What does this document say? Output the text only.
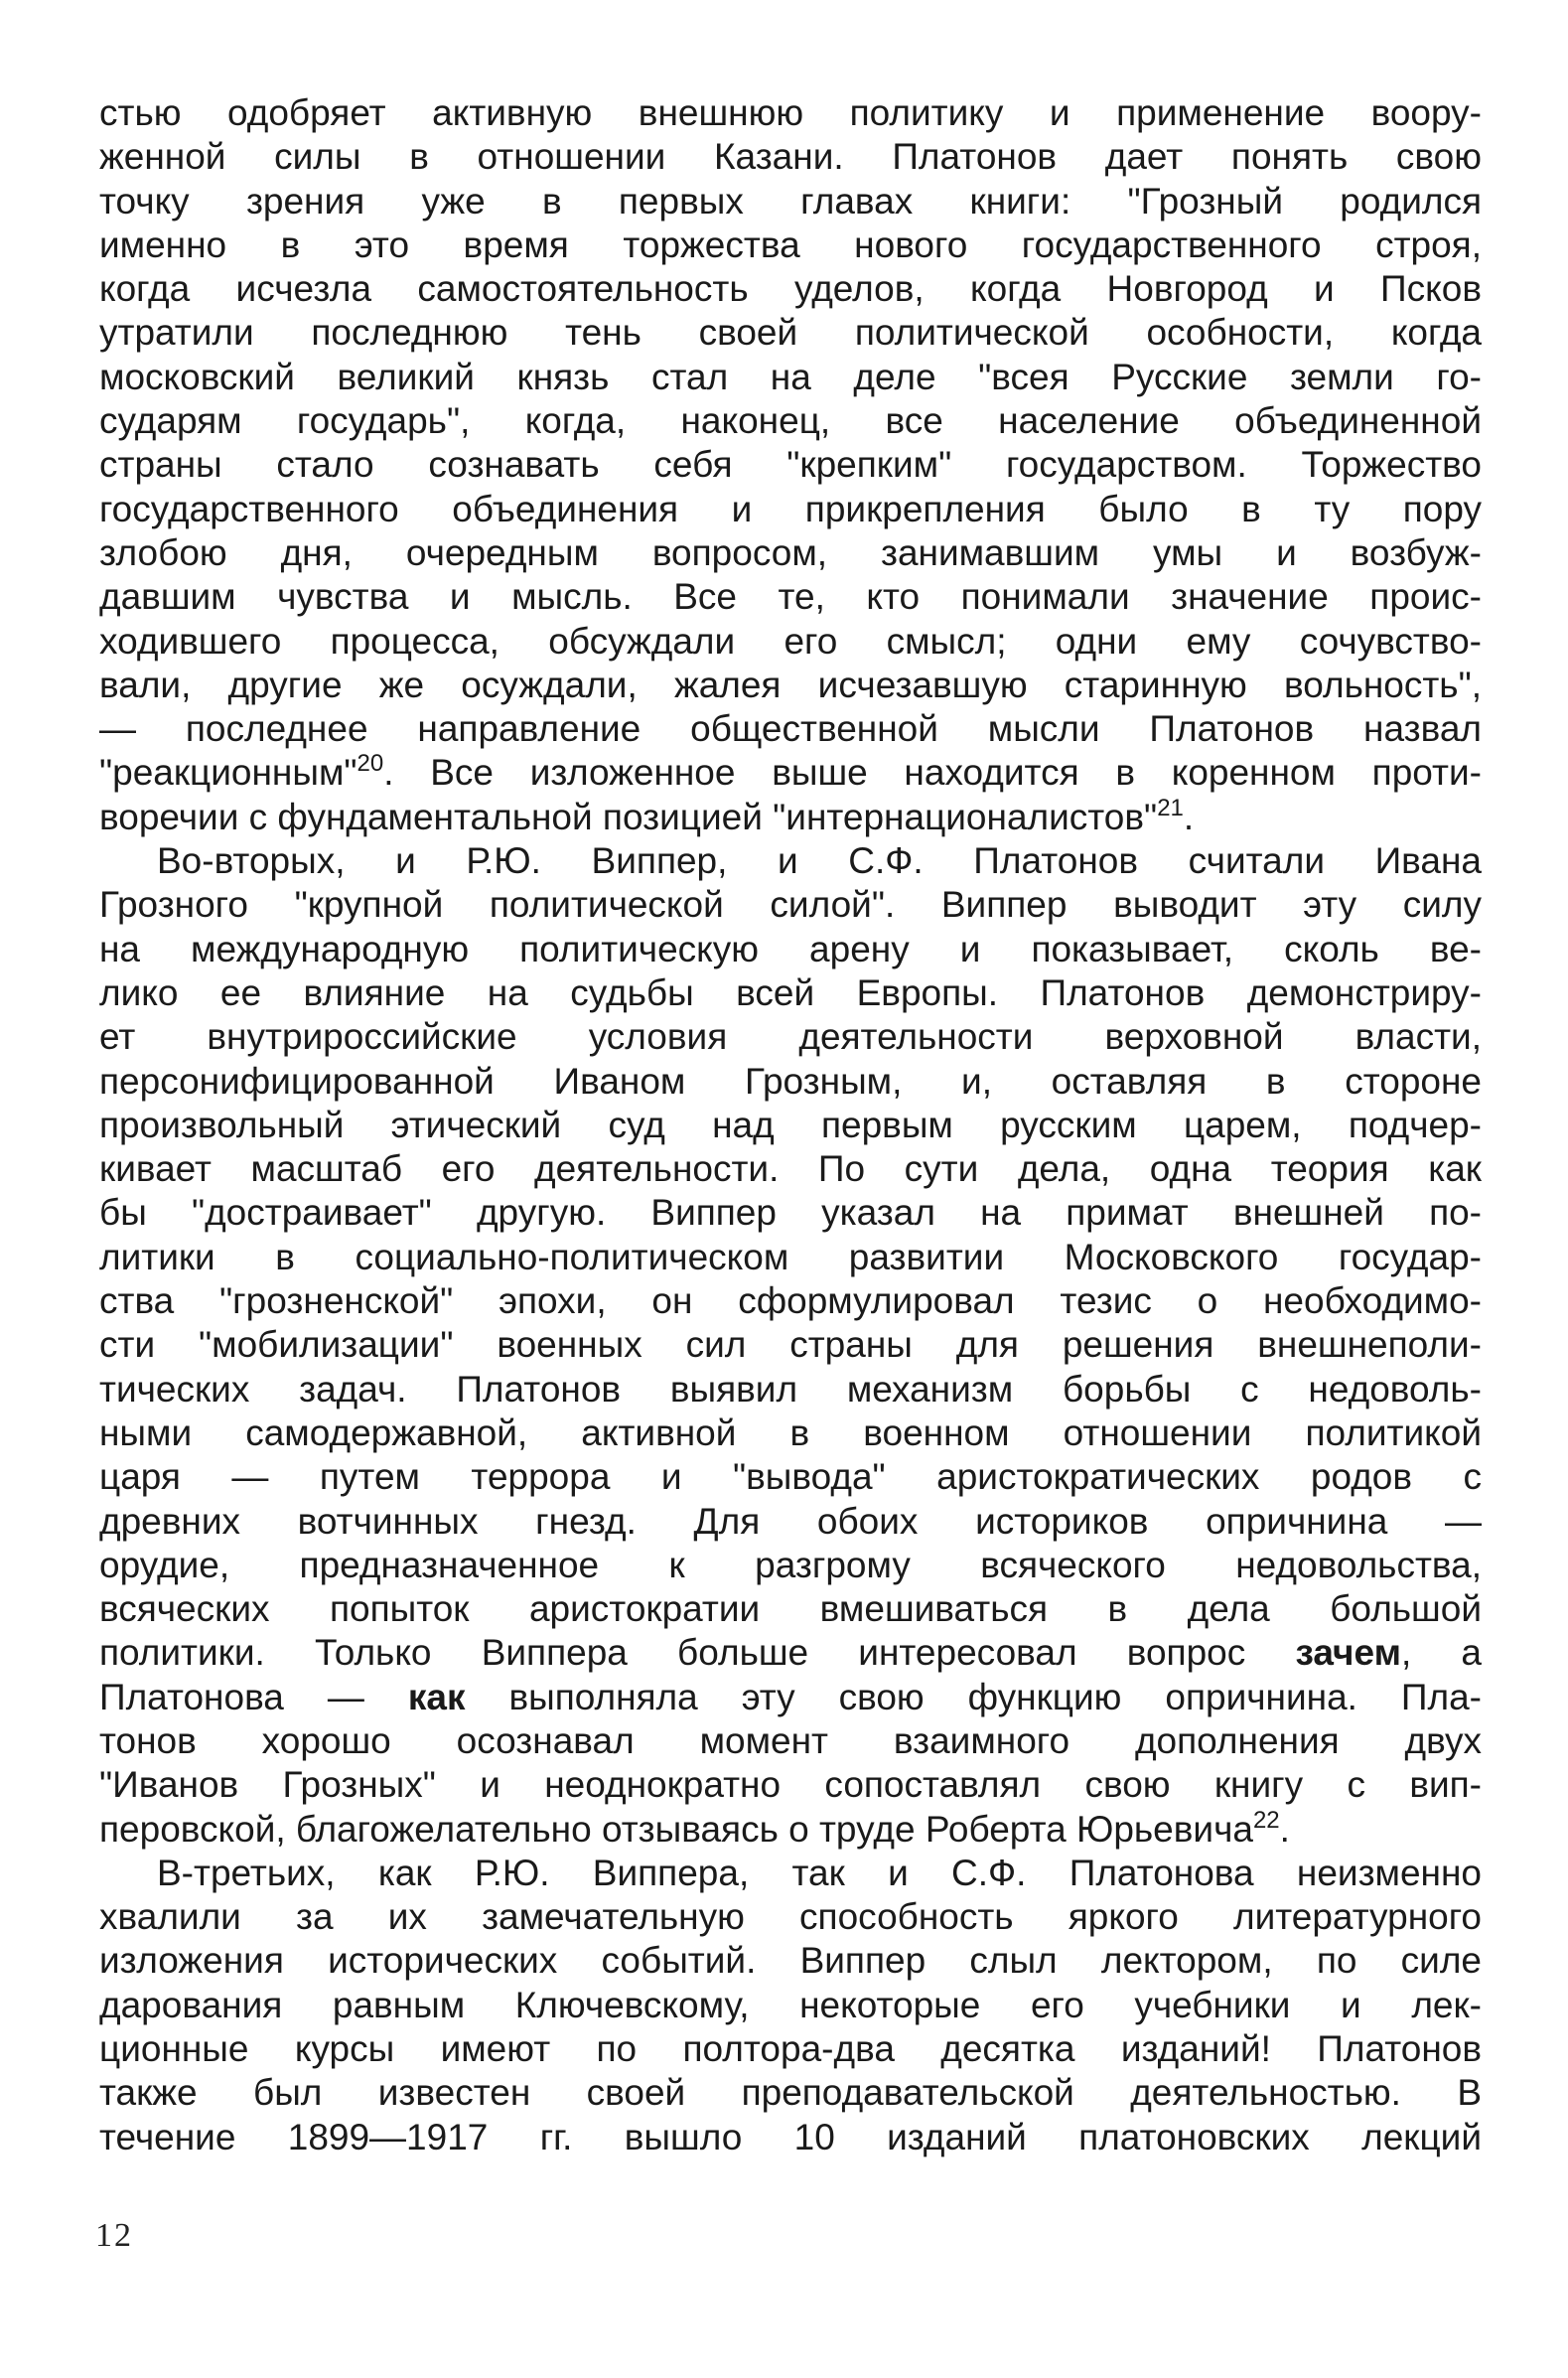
стью одобряет активную внешнюю политику и применение воору-
женной силы в отношении Казани. Платонов дает понять свою
точку зрения уже в первых главах книги: "Грозный родился
именно в это время торжества нового государственного строя,
когда исчезла самостоятельность уделов, когда Новгород и Псков
утратили последнюю тень своей политической особности, когда
московский великий князь стал на деле "всея Русские земли го-
сударям государь", когда, наконец, все население объединенной
страны стало сознавать себя "крепким" государством. Торжество
государственного объединения и прикрепления было в ту пору
злобою дня, очередным вопросом, занимавшим умы и возбуж-
давшим чувства и мысль. Все те, кто понимали значение проис-
ходившего процесса, обсуждали его смысл; одни ему сочувство-
вали, другие же осуждали, жалея исчезавшую старинную вольность",
— последнее направление общественной мысли Платонов назвал
"реакционным"$^{20}$. Все изложенное выше находится в коренном проти-
воречии с фундаментальной позицией "интернационалистов"$^{21}$.

Во-вторых, и Р.Ю. Виппер, и С.Ф. Платонов считали Ивана
Грозного "крупной политической силой". Виппер выводит эту силу
на международную политическую арену и показывает, сколь ве-
лико ее влияние на судьбы всей Европы. Платонов демонстриру-
ет внутрироссийские условия деятельности верховной власти,
персонифицированной Иваном Грозным, и, оставляя в стороне
произвольный этический суд над первым русским царем, подчер-
кивает масштаб его деятельности. По сути дела, одна теория как
бы "достраивает" другую. Виппер указал на примат внешней по-
литики в социально-политическом развитии Московского государ-
ства "грозненской" эпохи, он сформулировал тезис о необходимо-
сти "мобилизации" военных сил страны для решения внешнеполи-
тических задач. Платонов выявил механизм борьбы с недоволь-
ными самодержавной, активной в военном отношении политикой
царя — путем террора и "вывода" аристократических родов с
древних вотчинных гнезд. Для обоих историков опричнина —
орудие, предназначенное к разгрому всяческого недовольства,
всяческих попыток аристократии вмешиваться в дела большой
политики. Только Виппера больше интересовал вопрос зачем, а
Платонова — как выполняла эту свою функцию опричнина. Пла-
тонов хорошо осознавал момент взаимного дополнения двух
"Иванов Грозных" и неоднократно сопоставлял свою книгу с вип-
перовской, благожелательно отзываясь о труде Роберта Юрьевича$^{22}$.

В-третьих, как Р.Ю. Виппера, так и С.Ф. Платонова неизменно
хвалили за их замечательную способность яркого литературного
изложения исторических событий. Виппер слыл лектором, по силе
дарования равным Ключевскому, некоторые его учебники и лек-
ционные курсы имеют по полтора-два десятка изданий! Платонов
также был известен своей преподавательской деятельностью. В
течение 1899—1917 гг. вышло 10 изданий платоновских лекций

12
